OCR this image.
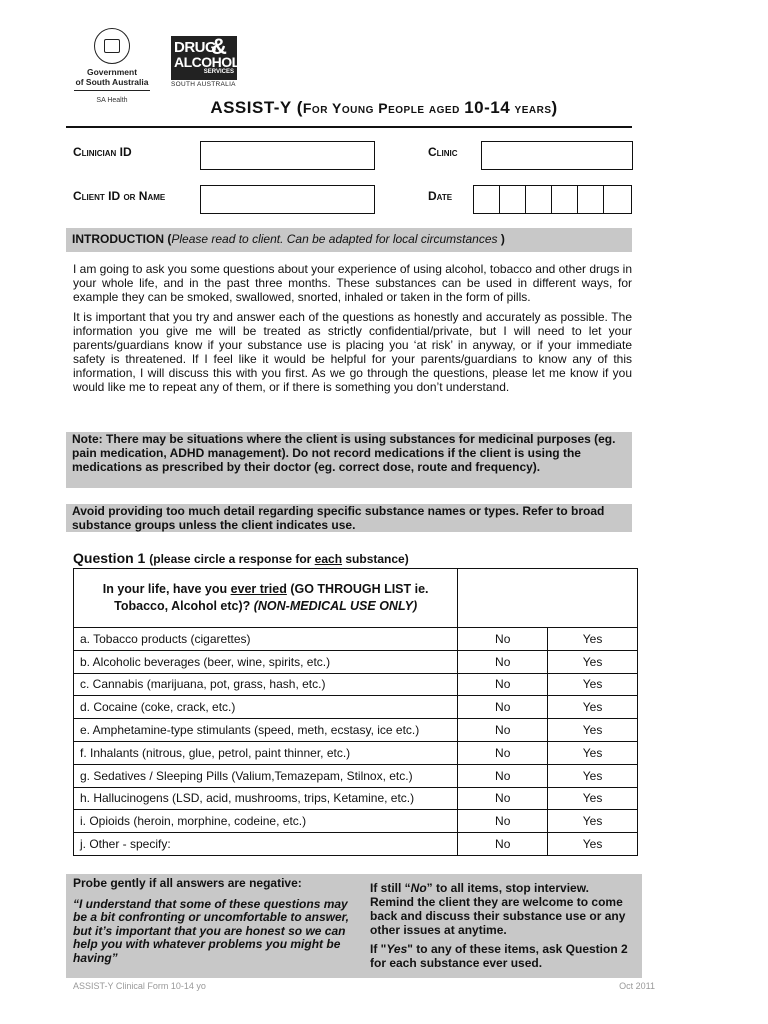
Government
of South Australia
SA Health
DRUG
&
ALCOHOL
SERVICES
SOUTH AUSTRALIA
ASSIST-Y (For Young People aged 10-14 years)
Clinician ID	Clinic
Client ID or Name	Date
INTRODUCTION (Please read to client. Can be adapted for local circumstances )
I am going to ask you some questions about your experience of using alcohol, tobacco and other drugs in your whole life, and in the past three months. These substances can be used in different ways, for example they can be smoked, swallowed, snorted, inhaled or taken in the form of pills.
It is important that you try and answer each of the questions as honestly and accurately as possible. The information you give me will be treated as strictly confidential/private, but I will need to let your parents/guardians know if your substance use is placing you ‘at risk’ in anyway, or if your immediate safety is threatened. If I feel like it would be helpful for your parents/guardians to know any of this information, I will discuss this with you first. As we go through the questions, please let me know if you would like me to repeat any of them, or if there is something you don’t understand.
Note: There may be situations where the client is using substances for medicinal purposes (eg. pain medication, ADHD management). Do not record medications if the client is using the medications as prescribed by their doctor (eg. correct dose, route and frequency).
Avoid providing too much detail regarding specific substance names or types. Refer to broad substance groups unless the client indicates use.
Question 1 (please circle a response for each substance)
In your life, have you ever tried (GO THROUGH LIST ie. Tobacco, Alcohol etc)? (NON-MEDICAL USE ONLY)		

a. Tobacco products (cigarettes)	No	Yes
b. Alcoholic beverages (beer, wine, spirits, etc.)	No	Yes
c. Cannabis (marijuana, pot, grass, hash, etc.)	No	Yes
d. Cocaine (coke, crack, etc.)	No	Yes
e. Amphetamine-type stimulants (speed, meth, ecstasy, ice etc.)	No	Yes
f. Inhalants (nitrous, glue, petrol, paint thinner, etc.)	No	Yes
g. Sedatives / Sleeping Pills (Valium,Temazepam, Stilnox, etc.)	No	Yes
h. Hallucinogens (LSD, acid, mushrooms, trips, Ketamine, etc.)	No	Yes
i. Opioids (heroin, morphine, codeine, etc.)	No	Yes
j. Other - specify:	No	Yes
Probe gently if all answers are negative:
“I understand that some of these questions may be a bit confronting or uncomfortable to answer, but it’s important that you are honest so we can help you with whatever problems you might be having”
If still “No” to all items, stop interview. Remind the client they are welcome to come back and discuss their substance use or any other issues at anytime.
If "Yes" to any of these items, ask Question 2 for each substance ever used.
ASSIST-Y Clinical Form 10-14 yo	Oct 2011
